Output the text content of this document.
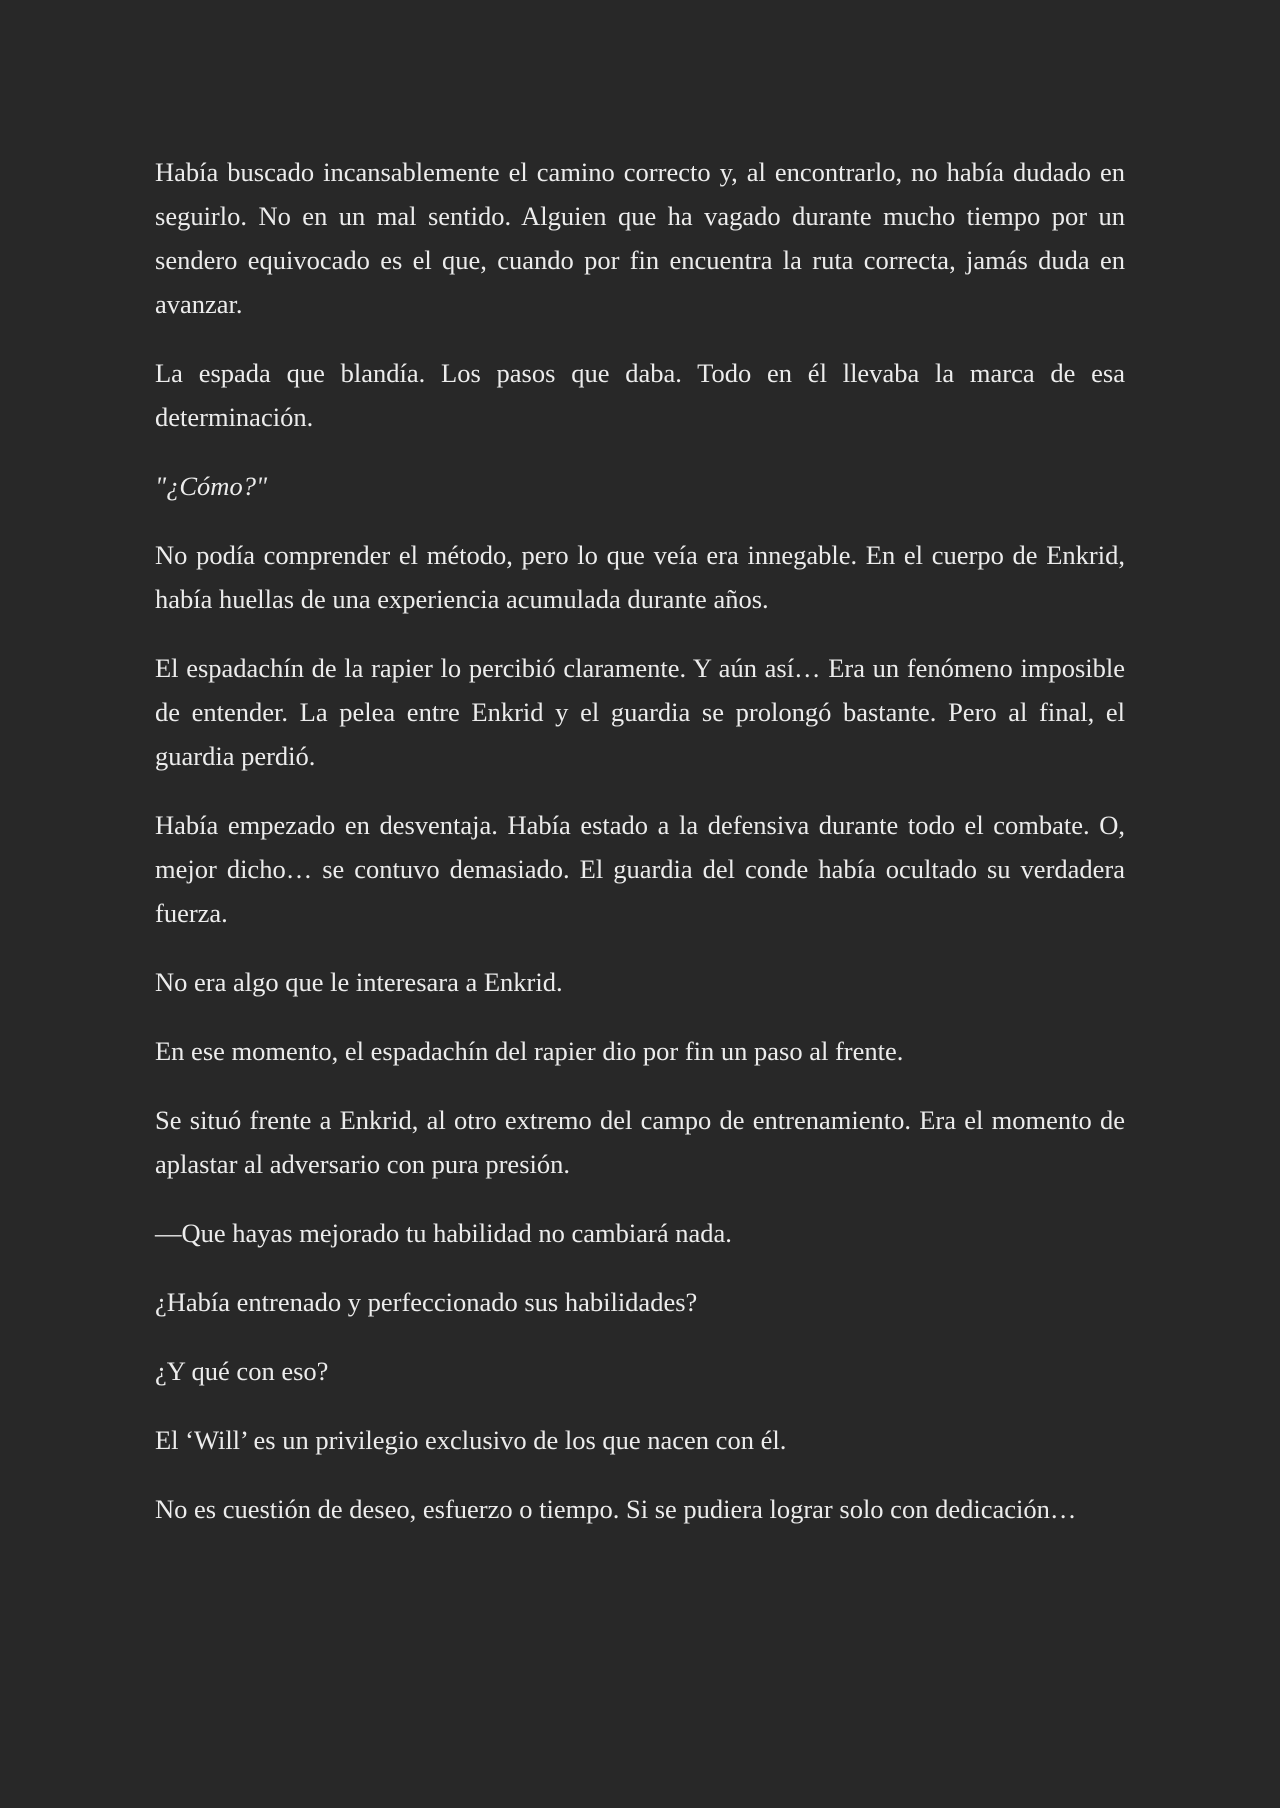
Había buscado incansablemente el camino correcto y, al encontrarlo, no había dudado en seguirlo. No en un mal sentido. Alguien que ha vagado durante mucho tiempo por un sendero equivocado es el que, cuando por fin encuentra la ruta correcta, jamás duda en avanzar.

La espada que blandía. Los pasos que daba. Todo en él llevaba la marca de esa determinación.

"¿Cómo?"

No podía comprender el método, pero lo que veía era innegable. En el cuerpo de Enkrid, había huellas de una experiencia acumulada durante años.

El espadachín de la rapier lo percibió claramente. Y aún así… Era un fenómeno imposible de entender. La pelea entre Enkrid y el guardia se prolongó bastante. Pero al final, el guardia perdió.

Había empezado en desventaja. Había estado a la defensiva durante todo el combate. O, mejor dicho… se contuvo demasiado. El guardia del conde había ocultado su verdadera fuerza.

No era algo que le interesara a Enkrid.

En ese momento, el espadachín del rapier dio por fin un paso al frente.

Se situó frente a Enkrid, al otro extremo del campo de entrenamiento. Era el momento de aplastar al adversario con pura presión.

—Que hayas mejorado tu habilidad no cambiará nada.

¿Había entrenado y perfeccionado sus habilidades?

¿Y qué con eso?

El ‘Will’ es un privilegio exclusivo de los que nacen con él.

No es cuestión de deseo, esfuerzo o tiempo. Si se pudiera lograr solo con dedicación…
